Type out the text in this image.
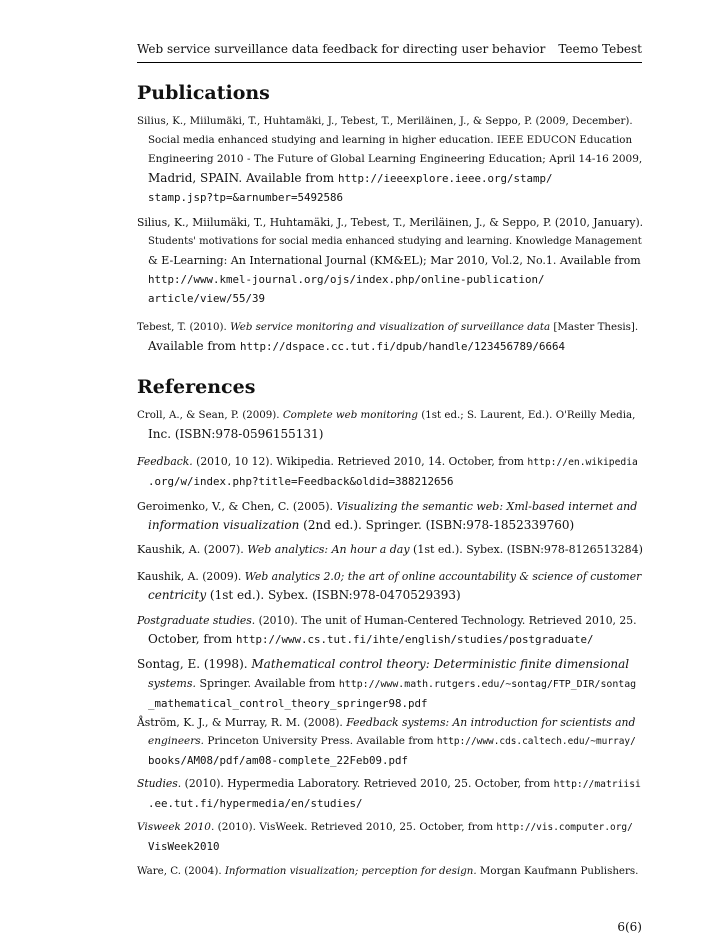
Web service surveillance data feedback for directing user behavior Teemo Tebest
Publications
Silius, K., Miilumäki, T., Huhtamäki, J., Tebest, T., Meriläinen, J., & Seppo, P. (2009, December).
Social media enhanced studying and learning in higher education. IEEE EDUCON Education
Engineering 2010 - The Future of Global Learning Engineering Education; April 14-16 2009,
Madrid, SPAIN. Available from http://ieeexplore.ieee.org/stamp/
stamp.jsp?tp=&arnumber=5492586
Silius, K., Miilumäki, T., Huhtamäki, J., Tebest, T., Meriläinen, J., & Seppo, P. (2010, January).
Students' motivations for social media enhanced studying and learning. Knowledge Management
& E-Learning: An International Journal (KM&EL); Mar 2010, Vol.2, No.1. Available from
http://www.kmel-journal.org/ojs/index.php/online-publication/
article/view/55/39
Tebest, T. (2010). Web service monitoring and visualization of surveillance data [Master Thesis].
Available from http://dspace.cc.tut.fi/dpub/handle/123456789/6664
References
Croll, A., & Sean, P. (2009). Complete web monitoring (1st ed.; S. Laurent, Ed.). O'Reilly Media,
Inc. (ISBN:978-0596155131)
Feedback. (2010, 10 12). Wikipedia. Retrieved 2010, 14. October, from http://en.wikipedia
.org/w/index.php?title=Feedback&oldid=388212656
Geroimenko, V., & Chen, C. (2005). Visualizing the semantic web: Xml-based internet and
information visualization (2nd ed.). Springer. (ISBN:978-1852339760)
Kaushik, A. (2007). Web analytics: An hour a day (1st ed.). Sybex. (ISBN:978-8126513284)
Kaushik, A. (2009). Web analytics 2.0; the art of online accountability & science of customer
centricity (1st ed.). Sybex. (ISBN:978-0470529393)
Postgraduate studies. (2010). The unit of Human-Centered Technology. Retrieved 2010, 25.
October, from http://www.cs.tut.fi/ihte/english/studies/postgraduate/
Sontag, E. (1998). Mathematical control theory: Deterministic finite dimensional
systems. Springer. Available from http://www.math.rutgers.edu/~sontag/FTP_DIR/sontag
_mathematical_control_theory_springer98.pdf
Åström, K. J., & Murray, R. M. (2008). Feedback systems: An introduction for scientists and
engineers. Princeton University Press. Available from http://www.cds.caltech.edu/~murray/
books/AM08/pdf/am08-complete_22Feb09.pdf
Studies. (2010). Hypermedia Laboratory. Retrieved 2010, 25. October, from http://matriisi
.ee.tut.fi/hypermedia/en/studies/
Visweek 2010. (2010). VisWeek. Retrieved 2010, 25. October, from http://vis.computer.org/
VisWeek2010
Ware, C. (2004). Information visualization; perception for design. Morgan Kaufmann Publishers.
6(6)
